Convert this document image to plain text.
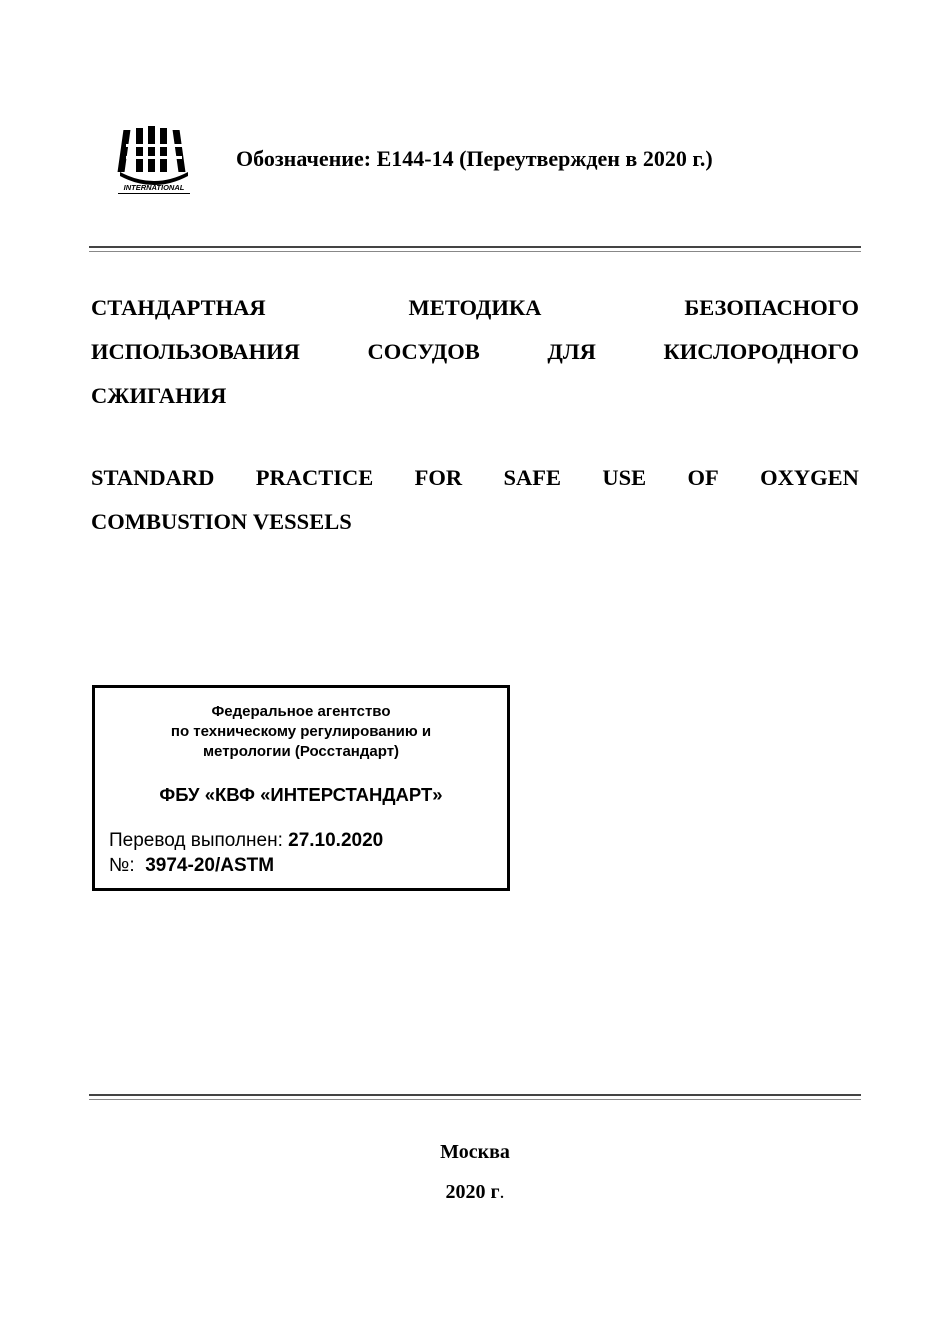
INTERNATIONAL
ASTM	Обозначение: E144-14 (Переутвержден в 2020 г.)
СТАНДАРТНАЯ	МЕТОДИКА	БЕЗОПАСНОГО
ИСПОЛЬЗОВАНИЯ	СОСУДОВ	ДЛЯ	КИСЛОРОДНОГО
СЖИГАНИЯ
STANDARD PRACTICE FOR SAFE USE OF OXYGEN
COMBUSTION
VESSELS
Федеральное агентство
по техническому регулированию и
метрологии (Росстандарт)
ФБУ «КВФ «ИНТЕРСТАНДАРТ»
Перевод выполнен: 27.10.2020
№:  3974-20/ASTM
Москва
2020 г.
